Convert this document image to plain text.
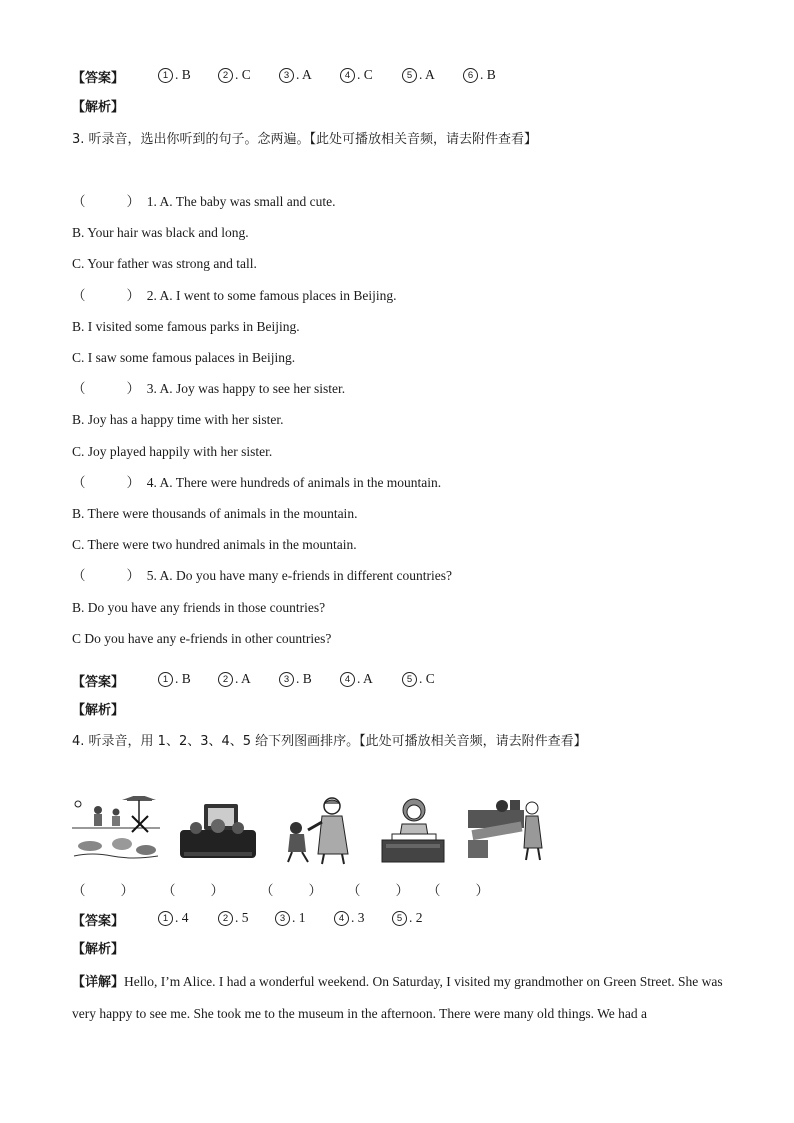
【答案】	1 . B	2 . C	3 . A	4 . C	5 . A	6 . B
【解析】
3. 听录音，选出你听到的句子。念两遍。【此处可播放相关音频，请去附件查看】
（	） 1. A. The baby was small and cute.
B. Your hair was black and long.
C. Your father was strong and tall.
（	） 2. A. I went to some famous places in Beijing.
B. I visited some famous parks in Beijing.
C. I saw some famous palaces in Beijing.
（	） 3. A. Joy was happy to see her sister.
B. Joy has a happy time with her sister.
C. Joy played happily with her sister.
（	） 4. A. There were hundreds of animals in the mountain.
B. There were thousands of animals in the mountain.
C. There were two hundred animals in the mountain.
（	） 5. A. Do you have many e-friends in different countries?
B. Do you have any friends in those countries?
C Do you have any e-friends in other countries?
【答案】	1 . B	2 . A	3 . B	4 . A	5 . C
【解析】
4. 听录音，用 1、2、3、4、5 给下列图画排序。【此处可播放相关音频，请去附件查看】
（	） （	）	（	） （	） （	）
【答案】	1 . 4	2 . 5	3 . 1	4 . 3	5 . 2
【解析】
【详解】Hello, I’m Alice. I had a wonderful weekend. On Saturday, I visited my grandmother on Green Street. She was very happy to see me. She took me to the museum in the afternoon. There were many old things. We had a
